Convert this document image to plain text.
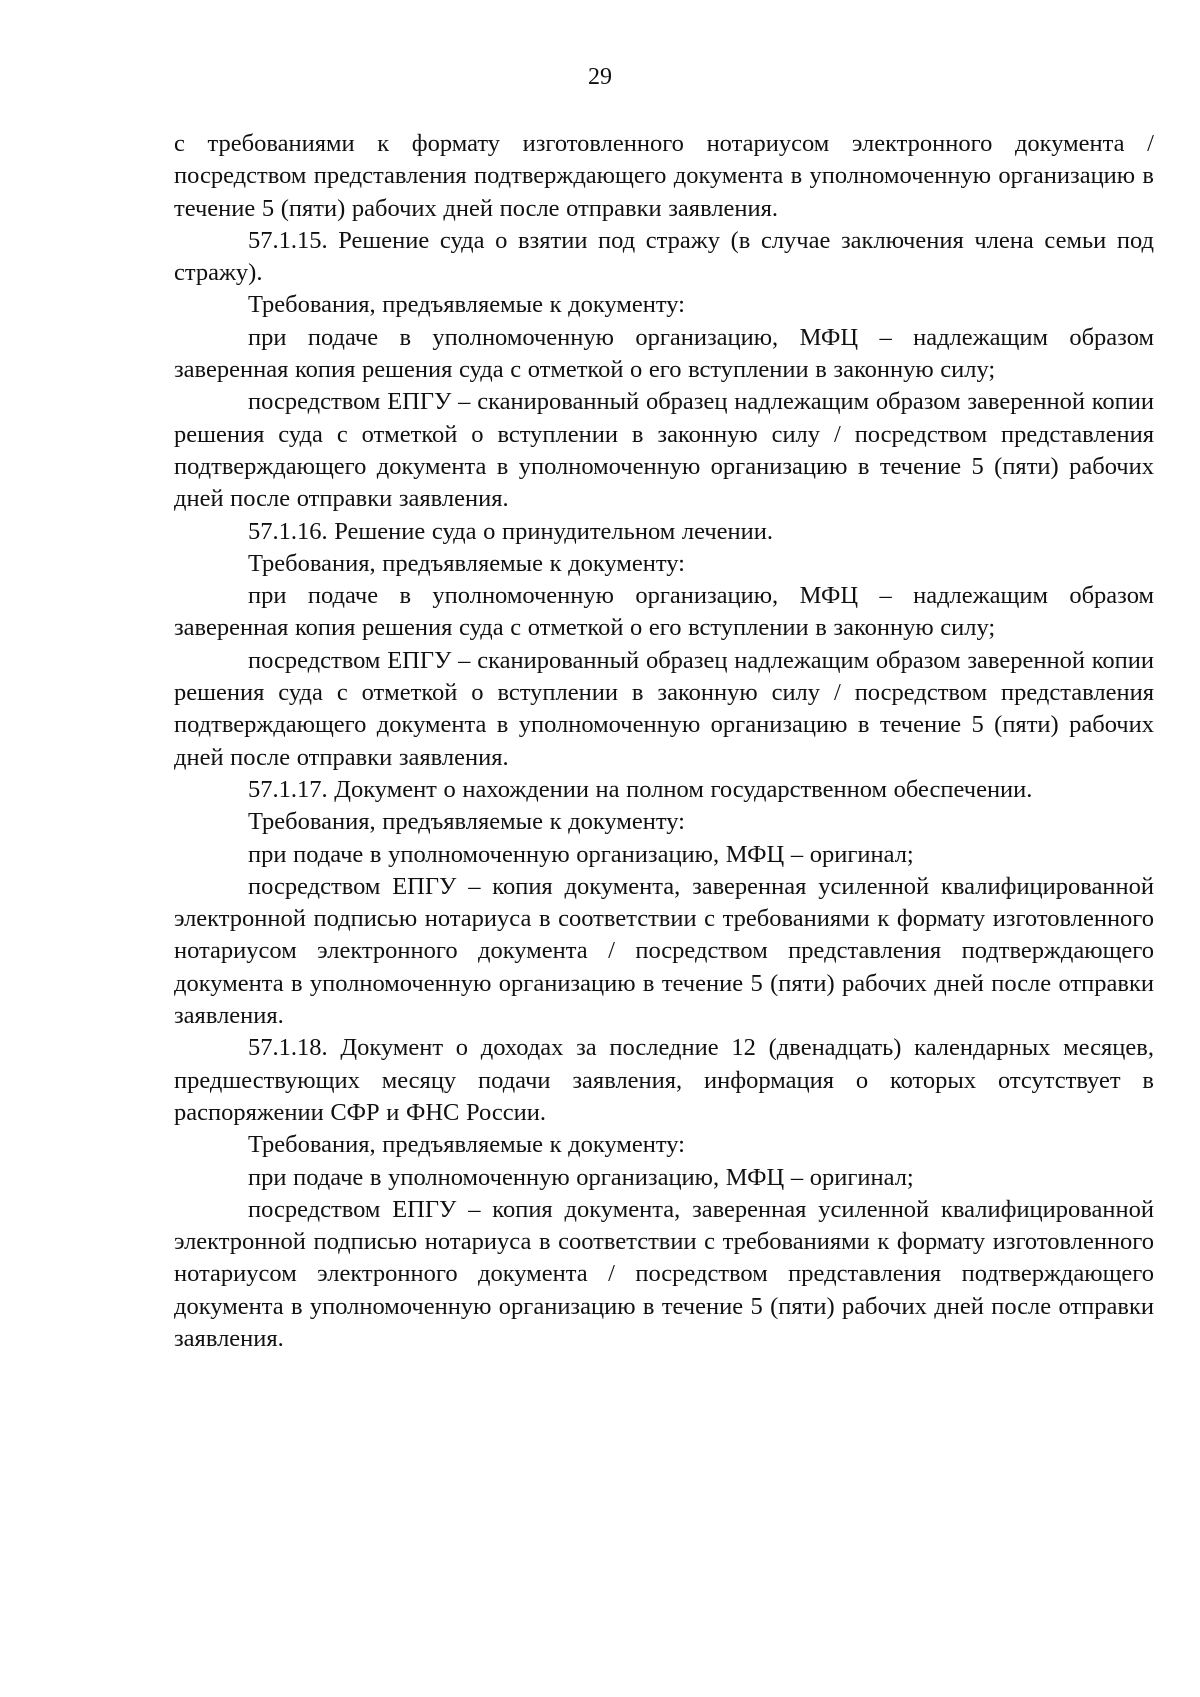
29

с требованиями к формату изготовленного нотариусом электронного документа / посредством представления подтверждающего документа в уполномоченную организацию в течение 5 (пяти) рабочих дней после отправки заявления.

57.1.15. Решение суда о взятии под стражу (в случае заключения члена семьи под стражу).

Требования, предъявляемые к документу:

при подаче в уполномоченную организацию, МФЦ – надлежащим образом заверенная копия решения суда с отметкой о его вступлении в законную силу;

посредством ЕПГУ – сканированный образец надлежащим образом заверенной копии решения суда с отметкой о вступлении в законную силу / посредством представления подтверждающего документа в уполномоченную организацию в течение 5 (пяти) рабочих дней после отправки заявления.

57.1.16. Решение суда о принудительном лечении.

Требования, предъявляемые к документу:

при подаче в уполномоченную организацию, МФЦ – надлежащим образом заверенная копия решения суда с отметкой о его вступлении в законную силу;

посредством ЕПГУ – сканированный образец надлежащим образом заверенной копии решения суда с отметкой о вступлении в законную силу / посредством представления подтверждающего документа в уполномоченную организацию в течение 5 (пяти) рабочих дней после отправки заявления.

57.1.17. Документ о нахождении на полном государственном обеспечении.

Требования, предъявляемые к документу:

при подаче в уполномоченную организацию, МФЦ – оригинал;

посредством ЕПГУ – копия документа, заверенная усиленной квалифицированной электронной подписью нотариуса в соответствии с требованиями к формату изготовленного нотариусом электронного документа / посредством представления подтверждающего документа в уполномоченную организацию в течение 5 (пяти) рабочих дней после отправки заявления.

57.1.18. Документ о доходах за последние 12 (двенадцать) календарных месяцев, предшествующих месяцу подачи заявления, информация о которых отсутствует в распоряжении СФР и ФНС России.

Требования, предъявляемые к документу:

при подаче в уполномоченную организацию, МФЦ – оригинал;

посредством ЕПГУ – копия документа, заверенная усиленной квалифицированной электронной подписью нотариуса в соответствии с требованиями к формату изготовленного нотариусом электронного документа / посредством представления подтверждающего документа в уполномоченную организацию в течение 5 (пяти) рабочих дней после отправки заявления.
